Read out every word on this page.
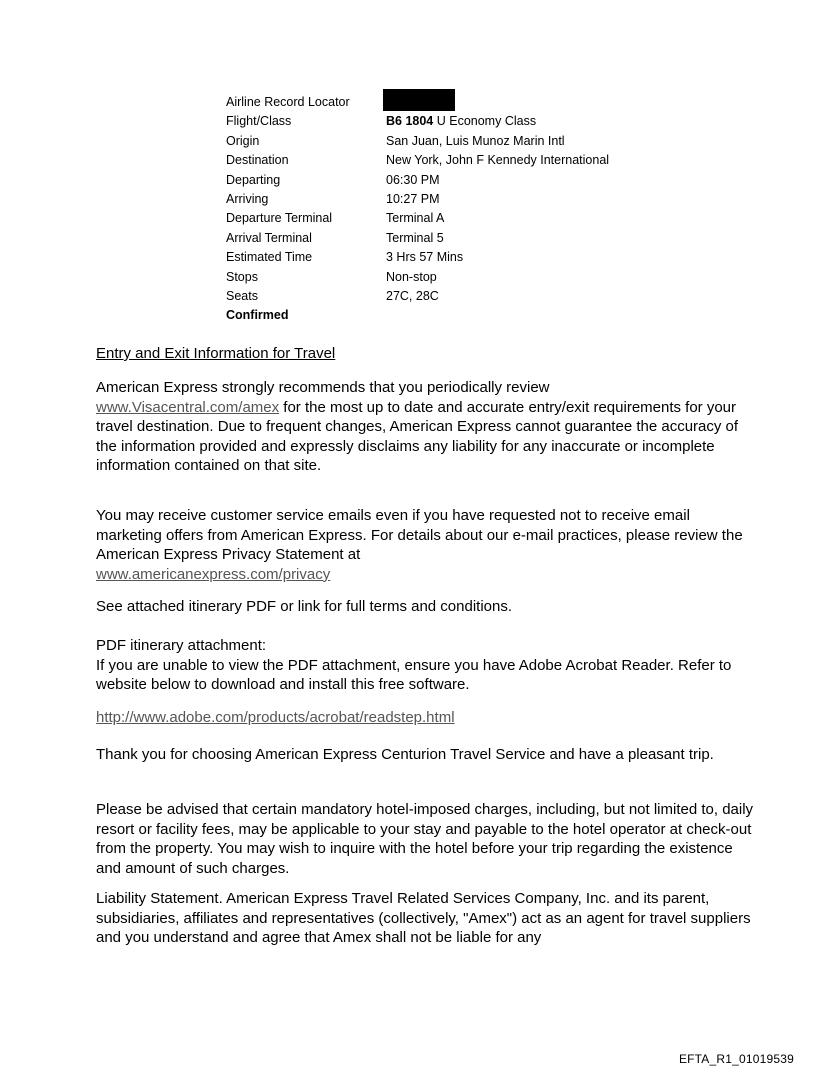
Airline Record Locator
Flight/Class	B6 1804 U Economy Class
Origin	San Juan, Luis Munoz Marin Intl
Destination	New York, John F Kennedy International
Departing	06:30 PM
Arriving	10:27 PM
Departure Terminal	Terminal A
Arrival Terminal	Terminal 5
Estimated Time	3 Hrs 57 Mins
Stops	Non-stop
Seats	27C, 28C
Confirmed

Entry and Exit Information for Travel

American Express strongly recommends that you periodically review
www.Visacentral.com/amex for the most up to date and accurate entry/exit requirements for your travel destination. Due to frequent changes, American Express cannot guarantee the accuracy of the information provided and expressly disclaims any liability for any inaccurate or incomplete information contained on that site.

You may receive customer service emails even if you have requested not to receive email marketing offers from American Express. For details about our e-mail practices, please review the American Express Privacy Statement at
www.americanexpress.com/privacy

See attached itinerary PDF or link for full terms and conditions.

PDF itinerary attachment:

If you are unable to view the PDF attachment, ensure you have Adobe Acrobat Reader. Refer to website below to download and install this free software.

http://www.adobe.com/products/acrobat/readstep.html

Thank you for choosing American Express Centurion Travel Service and have a pleasant trip.

Please be advised that certain mandatory hotel-imposed charges, including, but not limited to, daily resort or facility fees, may be applicable to your stay and payable to the hotel operator at check-out from the property. You may wish to inquire with the hotel before your trip regarding the existence and amount of such charges.

Liability Statement. American Express Travel Related Services Company, Inc. and its parent, subsidiaries, affiliates and representatives (collectively, "Amex") act as an agent for travel suppliers and you understand and agree that Amex shall not be liable for any

EFTA_R1_01019539
